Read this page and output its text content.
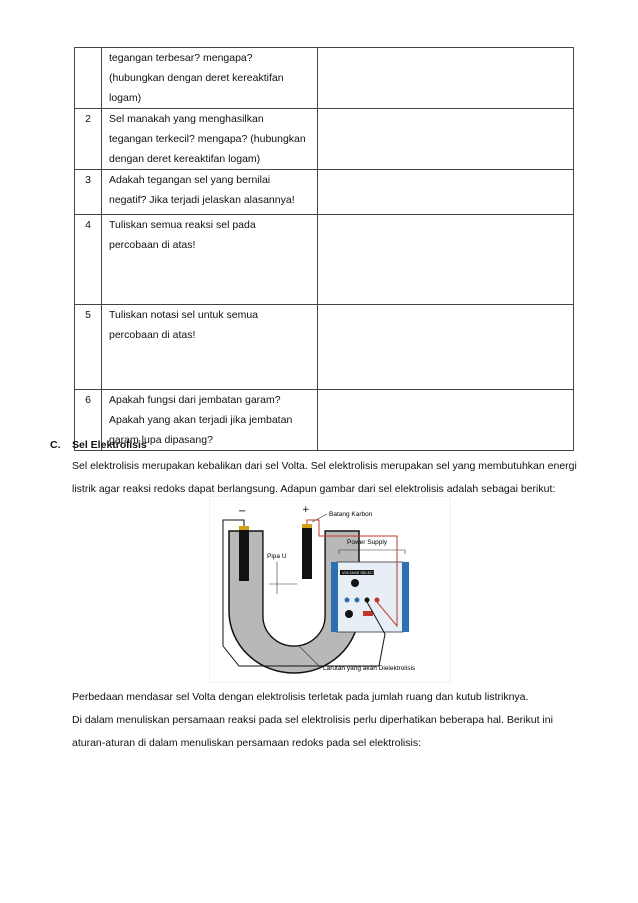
	tegangan terbesar? mengapa?
(hubungkan dengan deret kereaktifan
logam)	

2	Sel manakah yang menghasilkan
tegangan terkecil? mengapa? (hubungkan
dengan deret kereaktifan logam)	

3	Adakah tegangan sel yang bernilai
negatif? Jika terjadi jelaskan alasannya!	

4	Tuliskan semua reaksi sel pada
percobaan di atas!	

5	Tuliskan notasi sel untuk semua
percobaan di atas!	

6	Apakah fungsi dari jembatan garam?
Apakah yang akan terjadi jika jembatan
garam lupa dipasang?	

C. Sel Elektrolisis
Sel elektrolisis merupakan kebalikan dari sel Volta. Sel elektrolisis merupakan sel yang membutuhkan energi
listrik agar reaksi redoks dapat berlangsung. Adapun gambar dari sel elektrolisis adalah sebagai berikut:
−	+	Batang Karbon
Pipa U
Power Supply
VOLTAGE SELECT
Larutan yang akan Dielektrolisis
Perbedaan mendasar sel Volta dengan elektrolisis terletak pada jumlah ruang dan kutub listriknya.
Di dalam menuliskan persamaan reaksi pada sel elektrolisis perlu diperhatikan beberapa hal. Berikut ini
aturan-aturan di dalam menuliskan persamaan redoks pada sel elektrolisis:
